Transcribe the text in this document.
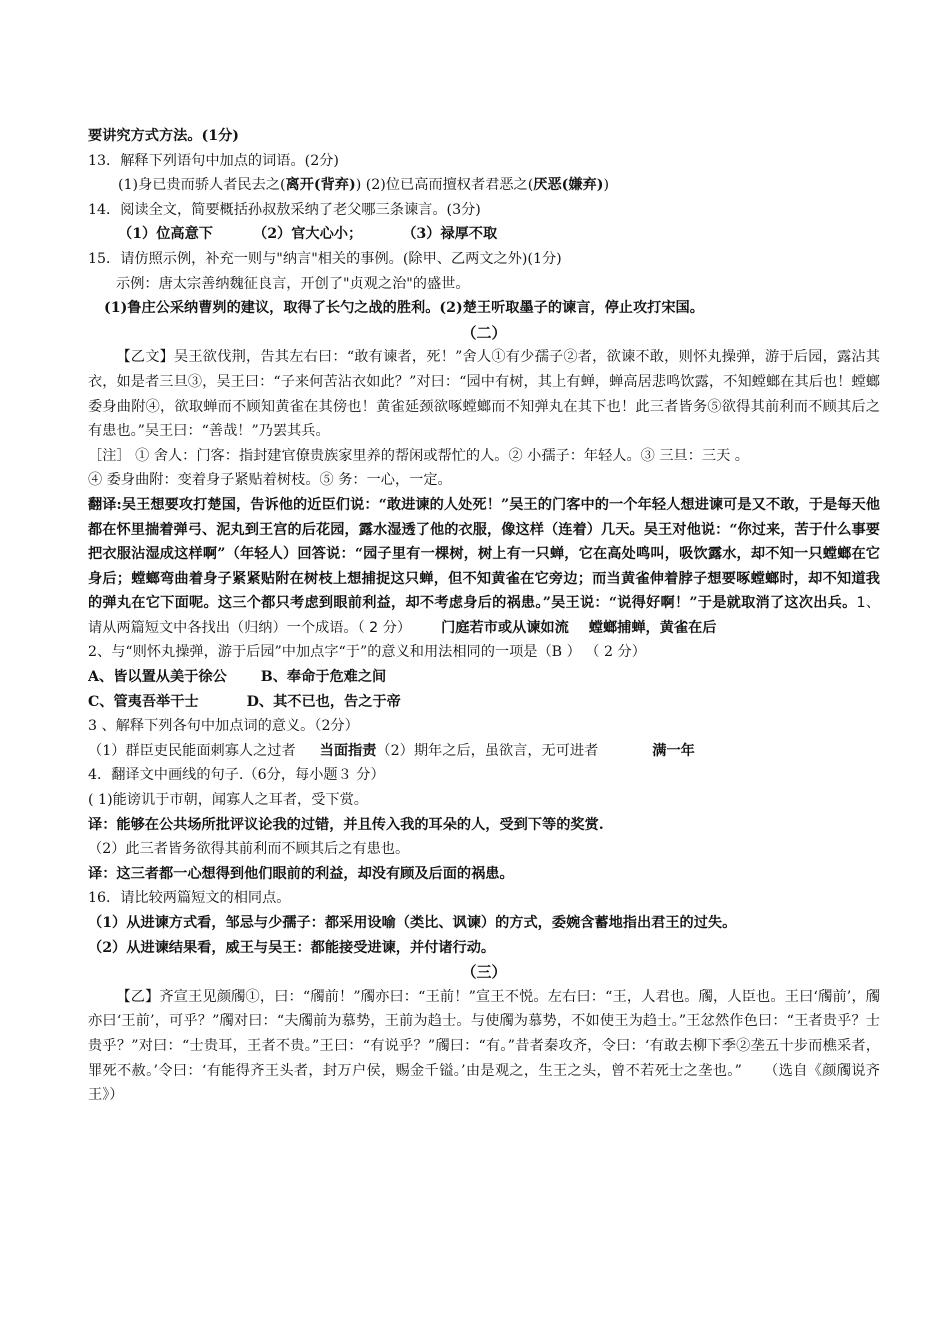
要讲究方式方法。(1分)
13．解释下列语句中加点的词语。(2分)
(1)身已贵而骄人者民去之(离开(背弃)) (2)位已高而擅权者君恶之(厌恶(嫌弃))
14．阅读全文，简要概括孙叔敖采纳了老父哪三条谏言。(3分)
（1）位高意下	（2）官大心小；	（3）禄厚不取
15．请仿照示例，补充一则与"纳言"相关的事例。(除甲、乙两文之外)(1分)
示例：唐太宗善纳魏征良言，开创了"贞观之治"的盛世。
(1)鲁庄公采纳曹刿的建议，取得了长勺之战的胜利。(2)楚王听取墨子的谏言，停止攻打宋国。
（二）
【乙文】吴王欲伐荆，告其左右曰：“敢有谏者，死！”舍人①有少孺子②者，欲谏不敢，则怀丸操弹，游于后园，露沾其衣，如是者三旦③，吴王曰：“子来何苦沾衣如此？”对曰：“园中有树，其上有蝉，蝉高居悲鸣饮露，不知螳螂在其后也！螳螂委身曲附④，欲取蝉而不顾知黄雀在其傍也！黄雀延颈欲啄螳螂而不知弹丸在其下也！此三者皆务⑤欲得其前利而不顾其后之有患也。”吴王曰：“善哉！”乃罢其兵。
［注］ ① 舍人：门客：指封建官僚贵族家里养的帮闲或帮忙的人。② 小孺子：年轻人。③ 三旦：三天 。
④ 委身曲附：变着身子紧贴着树枝。⑤ 务：一心，一定。
翻译:吴王想要攻打楚国，告诉他的近臣们说：“敢进谏的人处死！”吴王的门客中的一个年轻人想进谏可是又不敢，于是每天他都在怀里揣着弹弓、泥丸到王宫的后花园，露水湿透了他的衣服，像这样（连着）几天。吴王对他说：“你过来，苦于什么事要把衣服沾湿成这样啊”（年轻人）回答说：“园子里有一棵树，树上有一只蝉，它在高处鸣叫，吸饮露水，却不知一只螳螂在它身后；螳螂弯曲着身子紧紧贴附在树枝上想捕捉这只蝉，但不知黄雀在它旁边；而当黄雀伸着脖子想要啄螳螂时，却不知道我的弹丸在它下面呢。这三个都只考虑到眼前利益，却不考虑身后的祸患。”吴王说：“说得好啊！”于是就取消了这次出兵。1、请从两篇短文中各找出（归纳）一个成语。（ 2 分） 门庭若市或从谏如流 螳螂捕蝉，黄雀在后
2、与“则怀丸操弹，游于后园”中加点字“于”的意义和用法相同的一项是（B ） （ 2 分）
A、皆以置从美于徐公 B、奉命于危难之间
C、管夷吾举干士	D、其不已也，告之于帝
3 、解释下列各句中加点词的意义。（2分）
（1）群臣吏民能面刺寡人之过者 当面指责（2）期年之后，虽欲言，无可进者	满一年
4．翻译文中画线的句子.（6分，每小题３ 分）
( 1)能谤讥于市朝，闻寡人之耳者，受下赏。
译：能够在公共场所批评议论我的过错，并且传入我的耳朵的人，受到下等的奖赏.
（2）此三者皆务欲得其前利而不顾其后之有患也。
译：这三者都一心想得到他们眼前的利益，却没有顾及后面的祸患。
16．请比较两篇短文的相同点。
（1）从进谏方式看，邹忌与少孺子：都采用设喻（类比、讽谏）的方式，委婉含蓄地指出君王的过失。
（2）从进谏结果看，威王与吴王：都能接受进谏，并付诸行动。
（三）
【乙】齐宣王见颜斶①，曰：“斶前！”斶亦曰：“王前！”宣王不悦。左右曰：“王，人君也。斶，人臣也。王曰‘斶前’，斶亦曰‘王前’，可乎？”斶对曰：“夫斶前为慕势，王前为趋士。与使斶为慕势，不如使王为趋士。”王忿然作色曰：“王者贵乎？士贵乎？”对曰：“士贵耳，王者不贵。”王曰：“有说乎？”斶曰：“有。”昔者秦攻齐，令曰：‘有敢去柳下季②垄五十步而樵采者，罪死不赦。’令曰：‘有能得齐王头者，封万户侯，赐金千镒。’由是观之，生王之头，曾不若死士之垄也。”　　（选自《颜斶说齐王》）
